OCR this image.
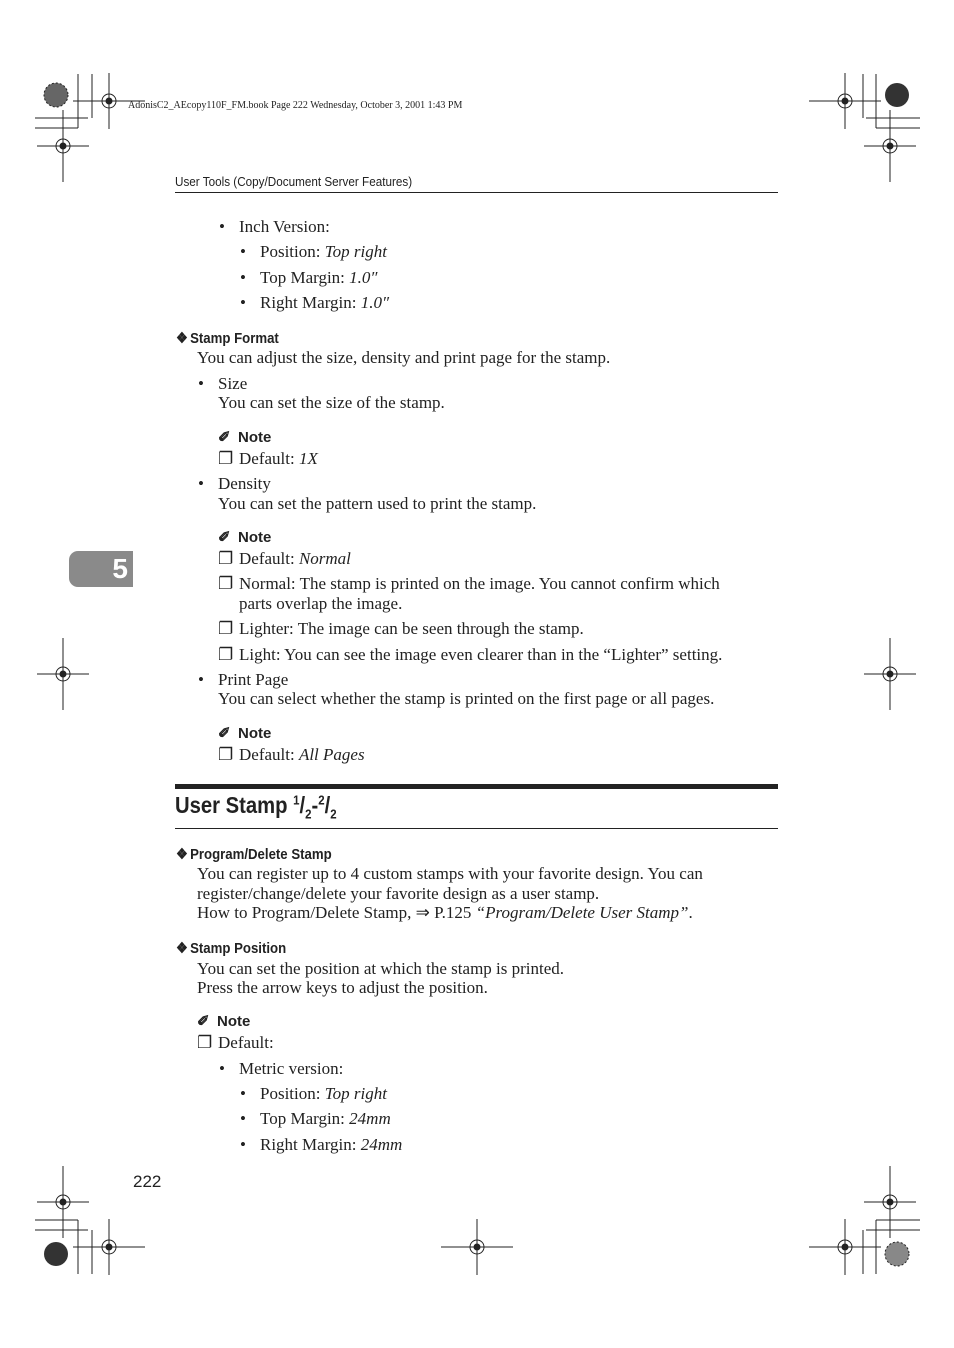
AdonisC2_AEcopy110F_FM.book Page 222 Wednesday, October 3, 2001 1:43 PM
User Tools (Copy/Document Server Features)
5
• Inch Version:
• Position: Top right
• Top Margin: 1.0″
• Right Margin: 1.0″
❖ Stamp Format
You can adjust the size, density and print page for the stamp.
• Size
You can set the size of the stamp.
✐ Note
❐ Default: 1X
• Density
You can set the pattern used to print the stamp.
✐ Note
❐ Default: Normal
❐ Normal: The stamp is printed on the image. You cannot confirm which
parts overlap the image.
❐ Lighter: The image can be seen through the stamp.
❐ Light: You can see the image even clearer than in the “Lighter” setting.
• Print Page
You can select whether the stamp is printed on the first page or all pages.
✐ Note
❐ Default: All Pages
User Stamp $^1/_2-^2/_2$
❖ Program/Delete Stamp
You can register up to 4 custom stamps with your favorite design. You can
register/change/delete your favorite design as a user stamp.
How to Program/Delete Stamp, ⇒ P.125 “Program/Delete User Stamp”.
❖ Stamp Position
You can set the position at which the stamp is printed.
Press the arrow keys to adjust the position.
✐ Note
❐ Default:
• Metric version:
• Position: Top right
• Top Margin: 24mm
• Right Margin: 24mm
222
